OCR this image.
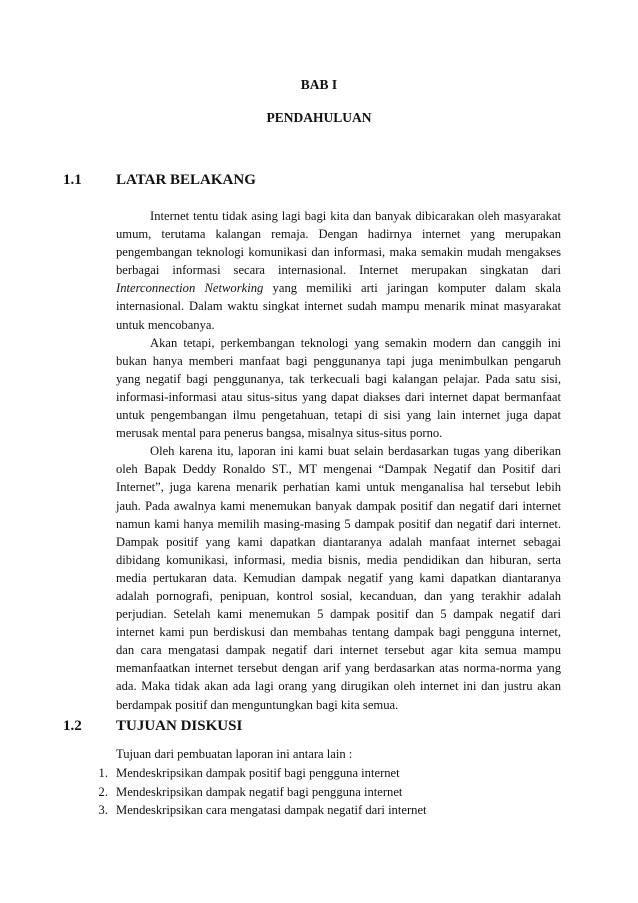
BAB I
PENDAHULUAN
1.1 LATAR BELAKANG

Internet tentu tidak asing lagi bagi kita dan banyak dibicarakan oleh masyarakat umum, terutama kalangan remaja. Dengan hadirnya internet yang merupakan pengembangan teknologi komunikasi dan informasi, maka semakin mudah mengakses berbagai informasi secara internasional. Internet merupakan singkatan dari Interconnection Networking yang memiliki arti jaringan komputer dalam skala internasional. Dalam waktu singkat internet sudah mampu menarik minat masyarakat untuk mencobanya.

Akan tetapi, perkembangan teknologi yang semakin modern dan canggih ini bukan hanya memberi manfaat bagi penggunanya tapi juga menimbulkan pengaruh yang negatif bagi penggunanya, tak terkecuali bagi kalangan pelajar. Pada satu sisi, informasi-informasi atau situs-situs yang dapat diakses dari internet dapat bermanfaat untuk pengembangan ilmu pengetahuan, tetapi di sisi yang lain internet juga dapat merusak mental para penerus bangsa, misalnya situs-situs porno.

Oleh karena itu, laporan ini kami buat selain berdasarkan tugas yang diberikan oleh Bapak Deddy Ronaldo ST., MT mengenai “Dampak Negatif dan Positif dari Internet”, juga karena menarik perhatian kami untuk menganalisa hal tersebut lebih jauh. Pada awalnya kami menemukan banyak dampak positif dan negatif dari internet namun kami hanya memilih masing-masing 5 dampak positif dan negatif dari internet. Dampak positif yang kami dapatkan diantaranya adalah manfaat internet sebagai dibidang komunikasi, informasi, media bisnis, media pendidikan dan hiburan, serta media pertukaran data. Kemudian dampak negatif yang kami dapatkan diantaranya adalah pornografi, penipuan, kontrol sosial, kecanduan, dan yang terakhir adalah perjudian. Setelah kami menemukan 5 dampak positif dan 5 dampak negatif dari internet kami pun berdiskusi dan membahas tentang dampak bagi pengguna internet, dan cara mengatasi dampak negatif dari internet tersebut agar kita semua mampu memanfaatkan internet tersebut dengan arif yang berdasarkan atas norma-norma yang ada. Maka tidak akan ada lagi orang yang dirugikan oleh internet ini dan justru akan berdampak positif dan menguntungkan bagi kita semua.

1.2 TUJUAN DISKUSI
Tujuan dari pembuatan laporan ini antara lain :
1. Mendeskripsikan dampak positif bagi pengguna internet
2. Mendeskripsikan dampak negatif bagi pengguna internet
3. Mendeskripsikan cara mengatasi dampak negatif dari internet
